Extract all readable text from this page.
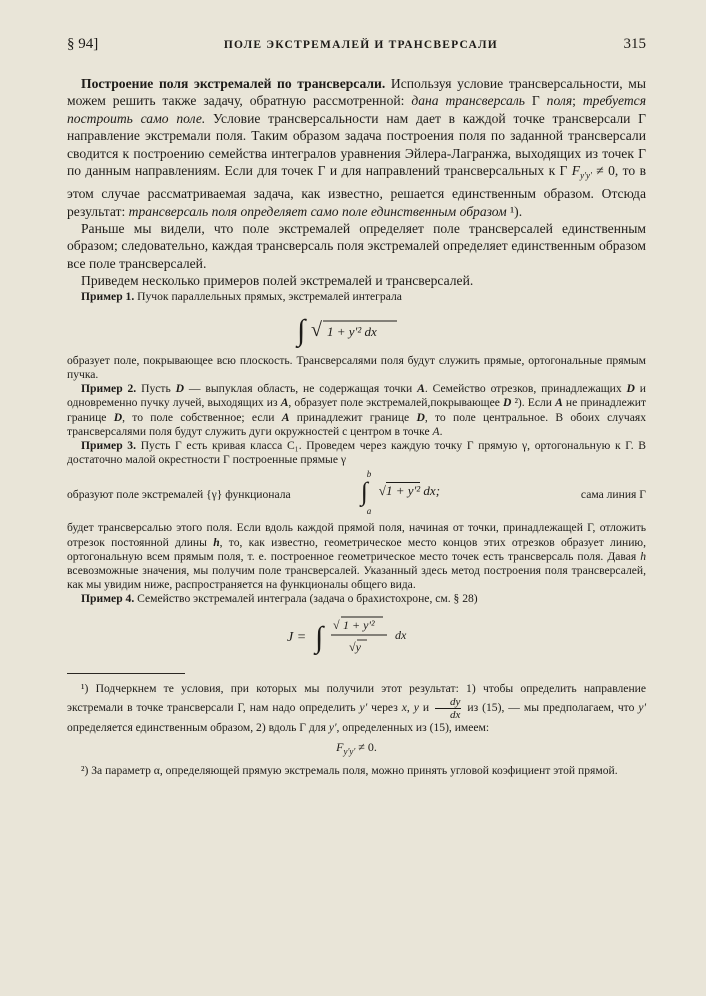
§ 94]	ПОЛЕ ЭКСТРЕМАЛЕЙ И ТРАНСВЕРСАЛИ	315

Построение поля экстремалей по трансверсали. Используя условие трансверсальности, мы можем решить также задачу, обратную рассмотренной: дана трансверсаль Г поля; требуется построить само поле. Условие трансверсальности нам дает в каждой точке трансверсали Г направление экстремали поля. Таким образом задача построения поля по заданной трансверсали сводится к построению семейства интегралов уравнения Эйлера-Лагранжа, выходящих из точек Г по данным направлениям. Если для точек Г и для направлений трансверсальных к Г $F_{y'y'} \ne 0$, то в этом случае рассматриваемая задача, как известно, решается единственным образом. Отсюда результат: трансверсаль поля определяет само поле единственным образом ¹).

Раньше мы видели, что поле экстремалей определяет поле трансверсалей единственным образом; следовательно, каждая трансверсаль поля экстремалей определяет единственным образом все поле трансверсалей.

Приведем несколько примеров полей экстремалей и трансверсалей.

Пример 1. Пучок параллельных прямых, экстремалей интеграла

∫ √ 1 + y'² dx

образует поле, покрывающее всю плоскость. Трансверсалями поля будут служить прямые, ортогональные прямым пучка.

Пример 2. Пусть D — выпуклая область, не содержащая точки A. Семейство отрезков, принадлежащих D и одновременно пучку лучей, выходящих из A, образует поле экстремалей,покрывающее D ²). Если A не принадлежит границе D, то поле собственное; если A принадлежит границе D, то поле центральное. В обоих случаях трансверсалями поля будут служить дуги окружностей с центром в точке A.

Пример 3. Пусть Г есть кривая класса C₁. Проведем через каждую точку Г прямую γ, ортогональную к Г. В достаточно малой окрестности Г построенные прямые γ

образуют поле экстремалей {γ} функционала
b
∫
a
√1 + y'² dx;	сама линия Г

будет трансверсалью этого поля. Если вдоль каждой прямой поля, начиная от точки, принадлежащей Г, отложить отрезок постоянной длины h, то, как известно, геометрическое место концов этих отрезков образует линию, ортогональную всем прямым поля, т. е. построенное геометрическое место точек есть трансверсаль поля. Давая h всевозможные значения, мы получим поле трансверсалей. Указанный здесь метод построения поля трансверсалей, как мы увидим ниже, распространяется на функционалы общего вида.

Пример 4. Семейство экстремалей интеграла (задача о брахистохроне, см. § 28)

J = ∫ √ 1 + y'²
√y
dx

¹) Подчеркнем те условия, при которых мы получили этот результат: 1) чтобы определить направление экстремали в точке трансверсали Г, нам надо определить y' через x, y и $\frac{dy}{dx}$ из (15), — мы предполагаем, что y' определяется единственным образом, 2) вдоль Г для y', определенных из (15), имеем:

$F_{y'y'} \ne 0$.

²) За параметр α, определяющей прямую экстремаль поля, можно принять угловой коэфициент этой прямой.
